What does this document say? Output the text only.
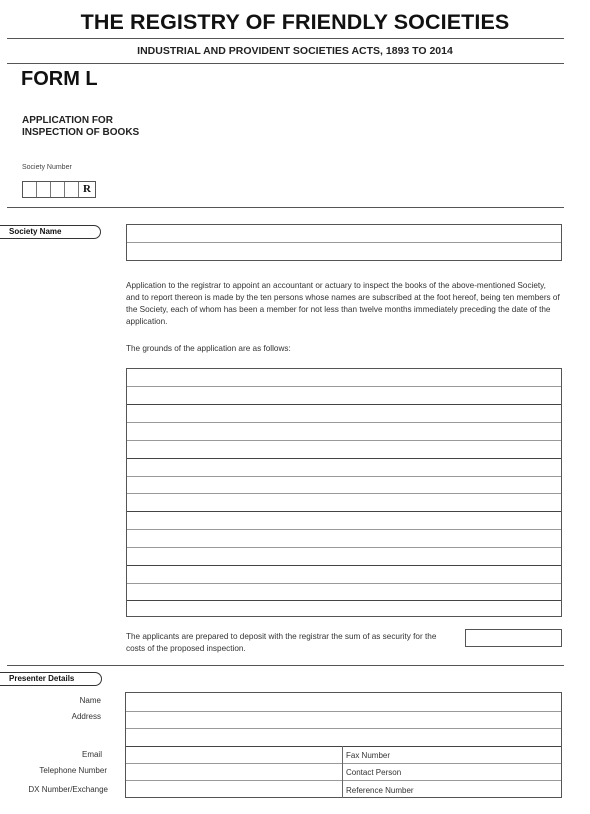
THE REGISTRY OF FRIENDLY SOCIETIES
INDUSTRIAL AND PROVIDENT SOCIETIES ACTS, 1893 TO 2014
FORM L
APPLICATION FOR
INSPECTION OF BOOKS
Society Number
R
Society Name
Application to the registrar to appoint an accountant or actuary to inspect the books of the above-mentioned Society, and to report thereon is made by the ten persons whose names are subscribed at the foot hereof, being ten members of the Society, each of whom has been a member for not less than twelve months immediately preceding the date of the application.
The grounds of the application are as follows:
The applicants are prepared to deposit with the registrar the sum of as security for the costs of the proposed inspection.
Presenter Details
Name
Address
Email
Telephone Number
DX Number/Exchange
Fax Number
Contact Person
Reference Number
